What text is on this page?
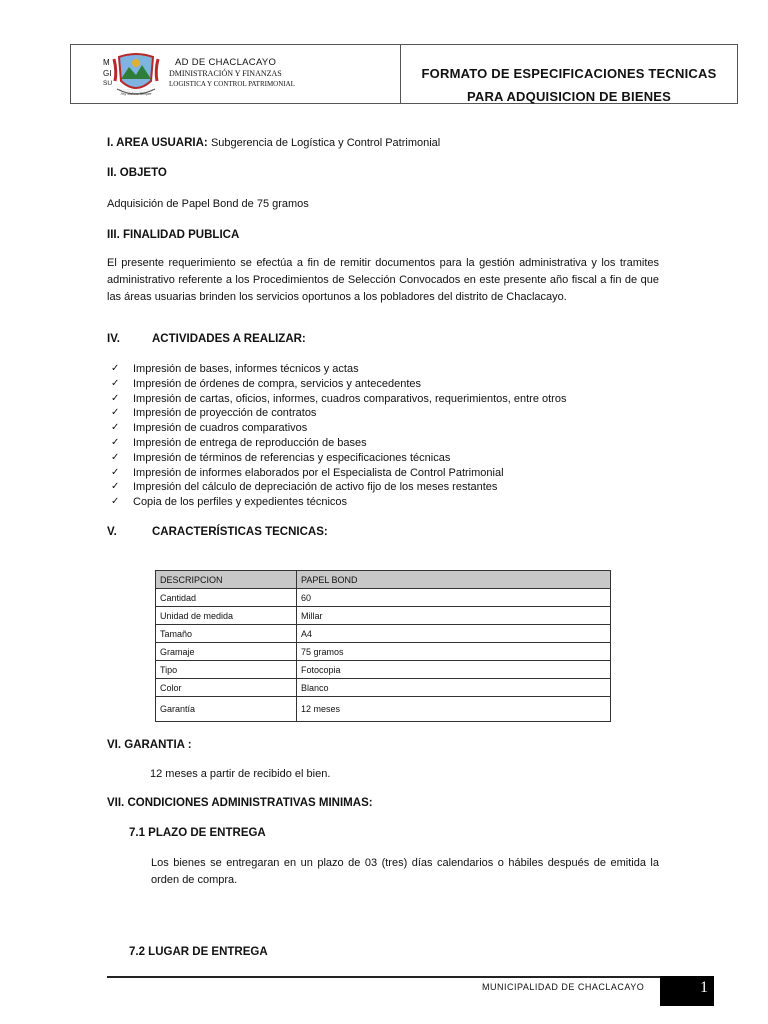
M
GI
SU
Hoy Mañana Siempre
AD DE CHACLACAYO
DMINISTRACIÓN Y FINANZAS
LOGISTICA Y CONTROL PATRIMONIAL
FORMATO DE ESPECIFICACIONES TECNICAS
PARA ADQUISICION DE BIENES
I. AREA USUARIA: Subgerencia de Logística y Control Patrimonial
II. OBJETO
Adquisición de Papel Bond de 75 gramos
III. FINALIDAD PUBLICA
El presente requerimiento se efectúa a fin de remitir documentos para la gestión administrativa y los tramites administrativo referente a los Procedimientos de Selección Convocados en este presente año fiscal a fin de que las áreas usuarias brinden los servicios oportunos a los pobladores del distrito de Chaclacayo.
IV.	ACTIVIDADES A REALIZAR:
✓ Impresión de bases, informes técnicos y actas
✓ Impresión de órdenes de compra, servicios y antecedentes
✓ Impresión de cartas, oficios, informes, cuadros comparativos, requerimientos, entre otros
✓ Impresión de proyección de contratos
✓ Impresión de cuadros comparativos
✓ Impresión de entrega de reproducción de bases
✓ Impresión de términos de referencias y especificaciones técnicas
✓ Impresión de informes elaborados por el Especialista de Control Patrimonial
✓ Impresión del cálculo de depreciación de activo fijo de los meses restantes
✓ Copia de los perfiles y expedientes técnicos
V.	CARACTERÍSTICAS TECNICAS:
DESCRIPCION	PAPEL BOND
Cantidad	60
Unidad de medida	Millar
Tamaño	A4
Gramaje	75 gramos
Tipo	Fotocopia
Color	Blanco
Garantía	12 meses
VI. GARANTIA :
12 meses a partir de recibido el bien.
VII. CONDICIONES ADMINISTRATIVAS MINIMAS:
7.1 PLAZO DE ENTREGA
Los bienes se entregaran en un plazo de 03 (tres) días calendarios o hábiles después de emitida la orden de compra.
7.2 LUGAR DE ENTREGA
MUNICIPALIDAD DE CHACLACAYO	1
